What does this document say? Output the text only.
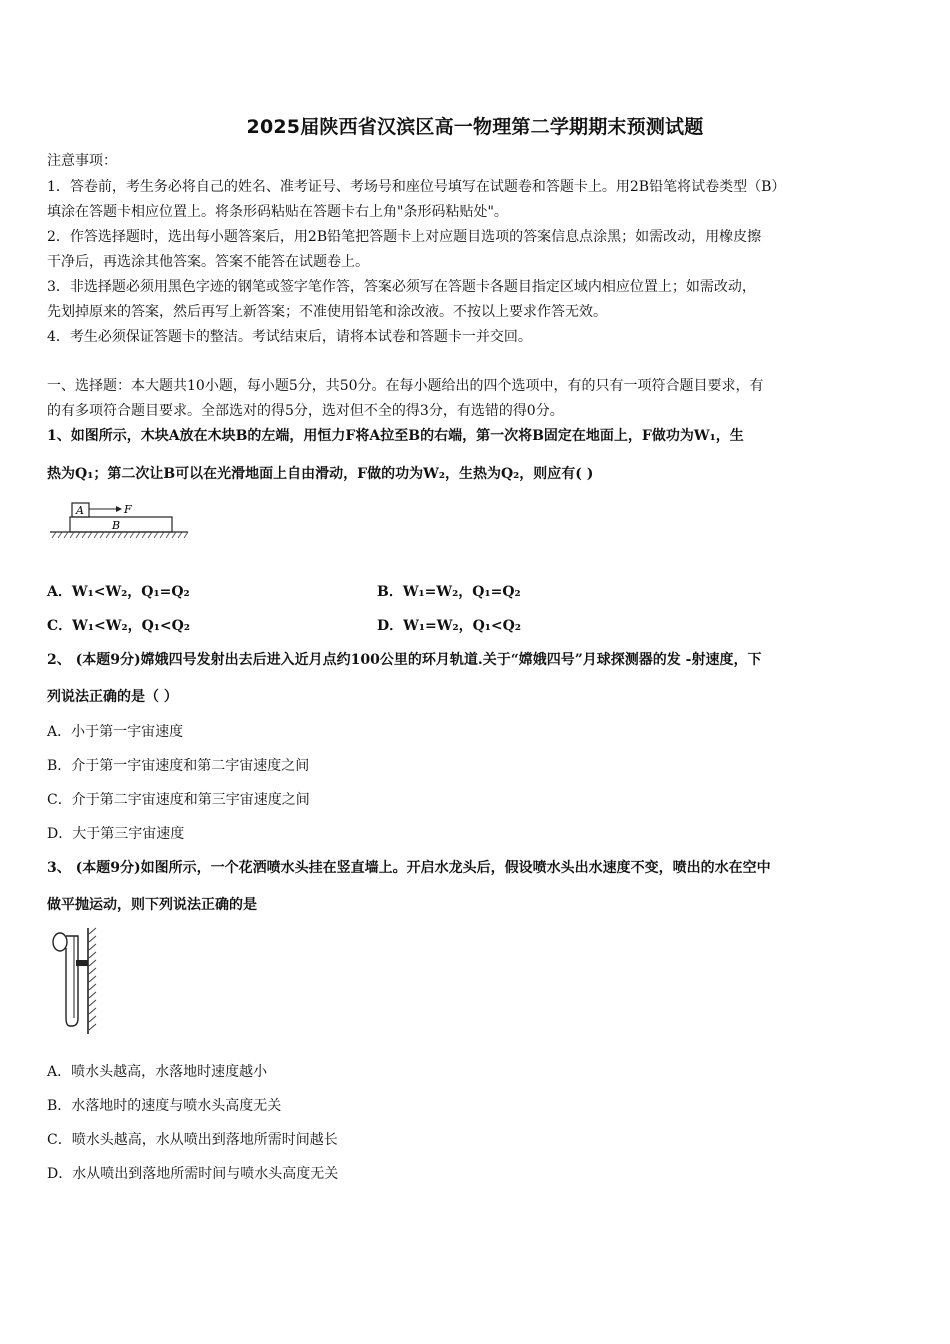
2025届陕西省汉滨区高一物理第二学期期末预测试题
注意事项：
1．答卷前，考生务必将自己的姓名、准考证号、考场号和座位号填写在试题卷和答题卡上。用2B铅笔将试卷类型（B）
填涂在答题卡相应位置上。将条形码粘贴在答题卡右上角"条形码粘贴处"。
2．作答选择题时，选出每小题答案后，用2B铅笔把答题卡上对应题目选项的答案信息点涂黑；如需改动，用橡皮擦
干净后，再选涂其他答案。答案不能答在试题卷上。
3．非选择题必须用黑色字迹的钢笔或签字笔作答，答案必须写在答题卡各题目指定区域内相应位置上；如需改动，
先划掉原来的答案，然后再写上新答案；不准使用铅笔和涂改液。不按以上要求作答无效。
4．考生必须保证答题卡的整洁。考试结束后，请将本试卷和答题卡一并交回。
一、选择题：本大题共10小题，每小题5分，共50分。在每小题给出的四个选项中，有的只有一项符合题目要求，有
的有多项符合题目要求。全部选对的得5分，选对但不全的得3分，有选错的得0分。
1、如图所示，木块A放在木块B的左端，用恒力F将A拉至B的右端，第一次将B固定在地面上，F做功为W₁，生
热为Q₁；第二次让B可以在光滑地面上自由滑动，F做的功为W₂，生热为Q₂，则应有( )
A	F
B
A．W₁<W₂，Q₁=Q₂	B．W₁=W₂，Q₁=Q₂
C．W₁<W₂，Q₁<Q₂	D．W₁=W₂，Q₁<Q₂
2、 (本题9分)嫦娥四号发射出去后进入近月点约100公里的环月轨道.关于“嫦娥四号”月球探测器的发 -射速度，下
列说法正确的是（ ）
A．小于第一宇宙速度
B．介于第一宇宙速度和第二宇宙速度之间
C．介于第二宇宙速度和第三宇宙速度之间
D．大于第三宇宙速度
3、 (本题9分)如图所示，一个花洒喷水头挂在竖直墙上。开启水龙头后，假设喷水头出水速度不变，喷出的水在空中
做平抛运动，则下列说法正确的是
A．喷水头越高，水落地时速度越小
B．水落地时的速度与喷水头高度无关
C．喷水头越高，水从喷出到落地所需时间越长
D．水从喷出到落地所需时间与喷水头高度无关
